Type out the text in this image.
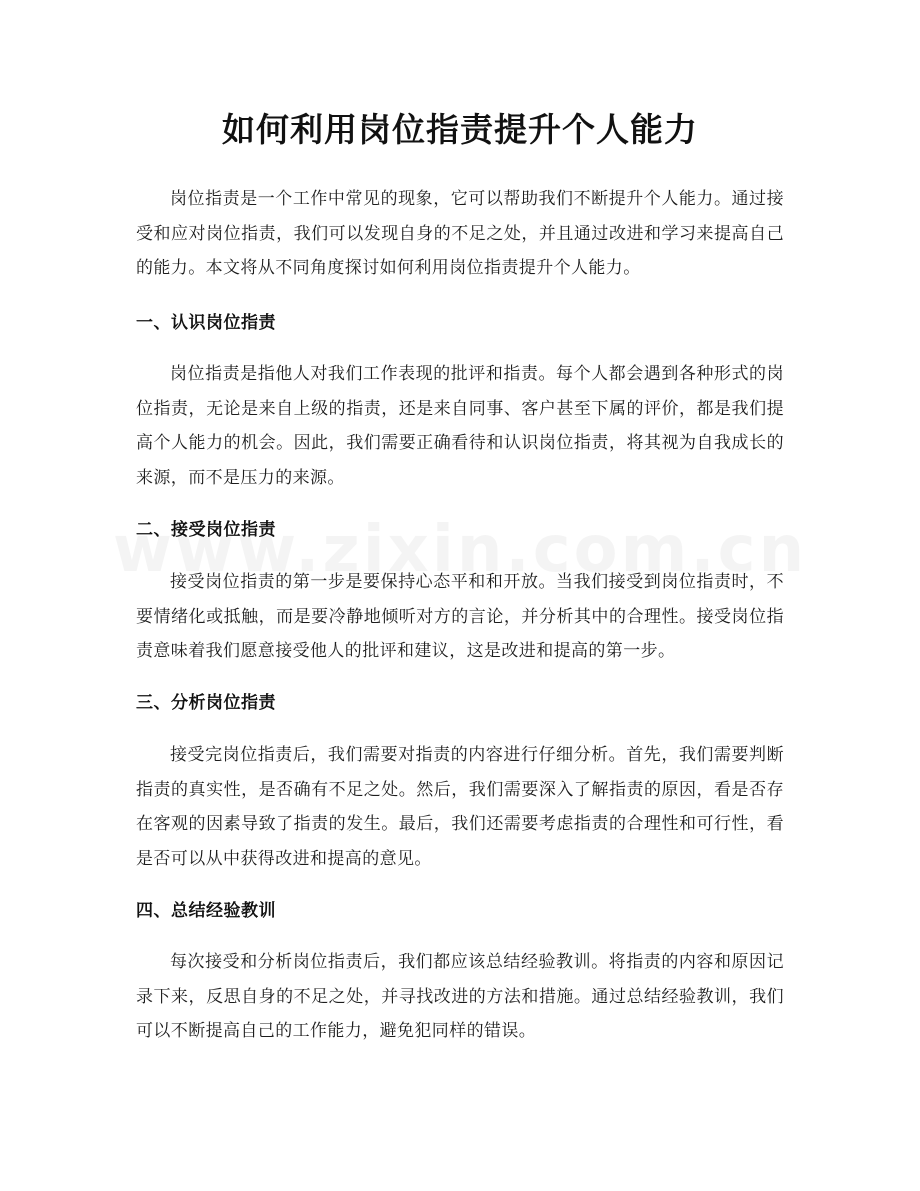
如何利用岗位指责提升个人能力

岗位指责是一个工作中常见的现象，它可以帮助我们不断提升个人能力。通过接受和应对岗位指责，我们可以发现自身的不足之处，并且通过改进和学习来提高自己的能力。本文将从不同角度探讨如何利用岗位指责提升个人能力。

一、认识岗位指责

岗位指责是指他人对我们工作表现的批评和指责。每个人都会遇到各种形式的岗位指责，无论是来自上级的指责，还是来自同事、客户甚至下属的评价，都是我们提高个人能力的机会。因此，我们需要正确看待和认识岗位指责，将其视为自我成长的来源，而不是压力的来源。

二、接受岗位指责

接受岗位指责的第一步是要保持心态平和和开放。当我们接受到岗位指责时，不要情绪化或抵触，而是要冷静地倾听对方的言论，并分析其中的合理性。接受岗位指责意味着我们愿意接受他人的批评和建议，这是改进和提高的第一步。

三、分析岗位指责

接受完岗位指责后，我们需要对指责的内容进行仔细分析。首先，我们需要判断指责的真实性，是否确有不足之处。然后，我们需要深入了解指责的原因，看是否存在客观的因素导致了指责的发生。最后，我们还需要考虑指责的合理性和可行性，看是否可以从中获得改进和提高的意见。

四、总结经验教训

每次接受和分析岗位指责后，我们都应该总结经验教训。将指责的内容和原因记录下来，反思自身的不足之处，并寻找改进的方法和措施。通过总结经验教训，我们可以不断提高自己的工作能力，避免犯同样的错误。
